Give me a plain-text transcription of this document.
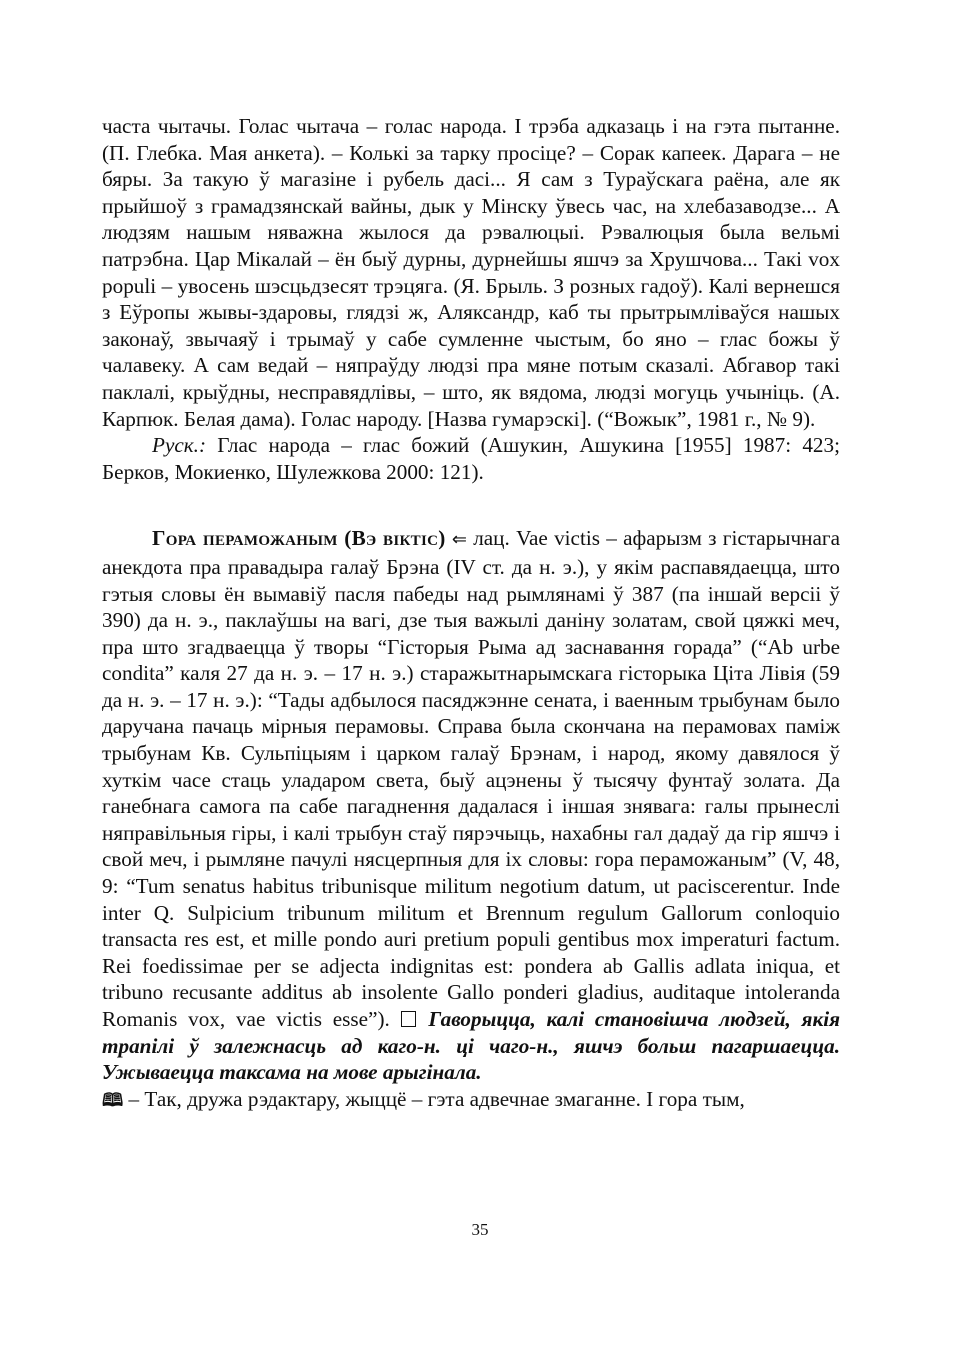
часта чытачы. Голас чытача – голас народа. І трэба адказаць і на гэта пытанне. (П. Глебка. Мая анкета). – Колькі за тарку просіце? – Сорак капеек. Дарага – не бяры. За такую ў магазіне і рубель дасі... Я сам з Тураўскага раёна, але як прыйшоў з грамадзянскай вайны, дык у Мінску ўвесь час, на хлебазаводзе... А людзям нашым няважна жылося да рэвалюцыі. Рэвалюцыя была вельмі патрэбна. Цар Мікалай – ён быў дурны, дурнейшы яшчэ за Хрушчова... Такі vox populi – увосень шэсцьдзесят трэцяга. (Я. Брыль. З розных гадоў). Калі вернешся з Еўропы жывы-здаровы, глядзі ж, Аляксандр, каб ты прытрымліваўся нашых законаў, звычаяў і трымаў у сабе сумленне чыстым, бо яно – глас божы ў чалавеку. А сам ведай – няпраўду людзі пра мяне потым сказалі. Абгавор такі паклалі, крыўдны, несправядлівы, – што, як вядома, людзі могуць учыніць. (А. Карпюк. Белая дама). Голас народу. [Назва гумарэскі]. (“Вожык”, 1981 г., № 9).

Руск.: Глас народа – глас божий (Ашукин, Ашукина [1955] 1987: 423; Берков, Мокиенко, Шулежкова 2000: 121).

Гора пераможаным (Вэ віктіс) ⇐ лац. Vae victis – афарызм з гістарычнага анекдота пра правадыра галаў Брэна (IV ст. да н. э.), у якім распавядаецца, што гэтыя словы ён вымавіў пасля пабеды над рымлянамі ў 387 (па іншай версіі ў 390) да н. э., паклаўшы на вагі, дзе тыя важылі даніну золатам, свой цяжкі меч, пра што згадваецца ў творы “Гісторыя Рыма ад заснавання горада” (“Ab urbe condita” каля 27 да н. э. – 17 н. э.) старажытнарымскага гісторыка Ціта Лівія (59 да н. э. – 17 н. э.): “Тады адбылося пасяджэнне сената, і ваенным трыбунам было даручана пачаць мірныя перамовы. Справа была скончана на перамовах паміж трыбунам Кв. Сульпіцыям і царком галаў Брэнам, і народ, якому давялося ў хуткім часе стаць уладаром света, быў ацэнены ў тысячу фунтаў золата. Да ганебнага самога па сабе пагаднення дадалася і іншая знявага: галы прынеслі няправільныя гіры, і калі трыбун стаў пярэчыць, нахабны гал дадаў да гір яшчэ і свой меч, і рымляне пачулі нясцерпныя для іх словы: гора пераможаным” (V, 48, 9: “Tum senatus habitus tribunisque militum negotium datum, ut paciscerentur. Inde inter Q. Sulpicium tribunum militum et Brennum regulum Gallorum conloquio transacta res est, et mille pondo auri pretium populi gentibus mox imperaturi factum. Rei foedissimae per se adjecta indignitas est: pondera ab Gallis adlata iniqua, et tribuno recusante additus ab insolente Gallo ponderi gladius, auditaque intoleranda Romanis vox, vae victis esse”).  Гаворыцца, калі становішча людзей, якія трапілі ў залежнасць ад каго-н. ці чаго-н., яшчэ больш пагаршаецца. Ужываецца таксама на мове арыгінала.

🕮 – Так, дружа рэдактару, жыццё – гэта адвечнае змаганне. І гора тым,

35
